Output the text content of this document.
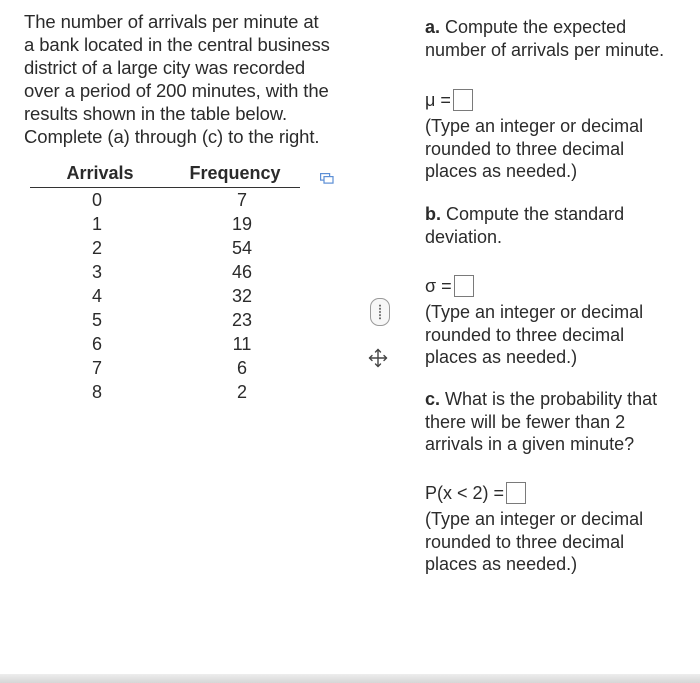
The number of arrivals per minute at
a bank located in the central business
district of a large city was recorded
over a period of 200 minutes, with the
results shown in the table below.
Complete (a) through (c) to the right.

Arrivals	Frequency
0	7
1	19
2	54
3	46
4	32
5	23
6	11
7	6
8	2
a. Compute the expected
number of arrivals per minute.
μ =
(Type an integer or decimal
rounded to three decimal
places as needed.)
b. Compute the standard
deviation.
σ =
(Type an integer or decimal
rounded to three decimal
places as needed.)
c. What is the probability that
there will be fewer than 2
arrivals in a given minute?
P(x < 2) =
(Type an integer or decimal
rounded to three decimal
places as needed.)
